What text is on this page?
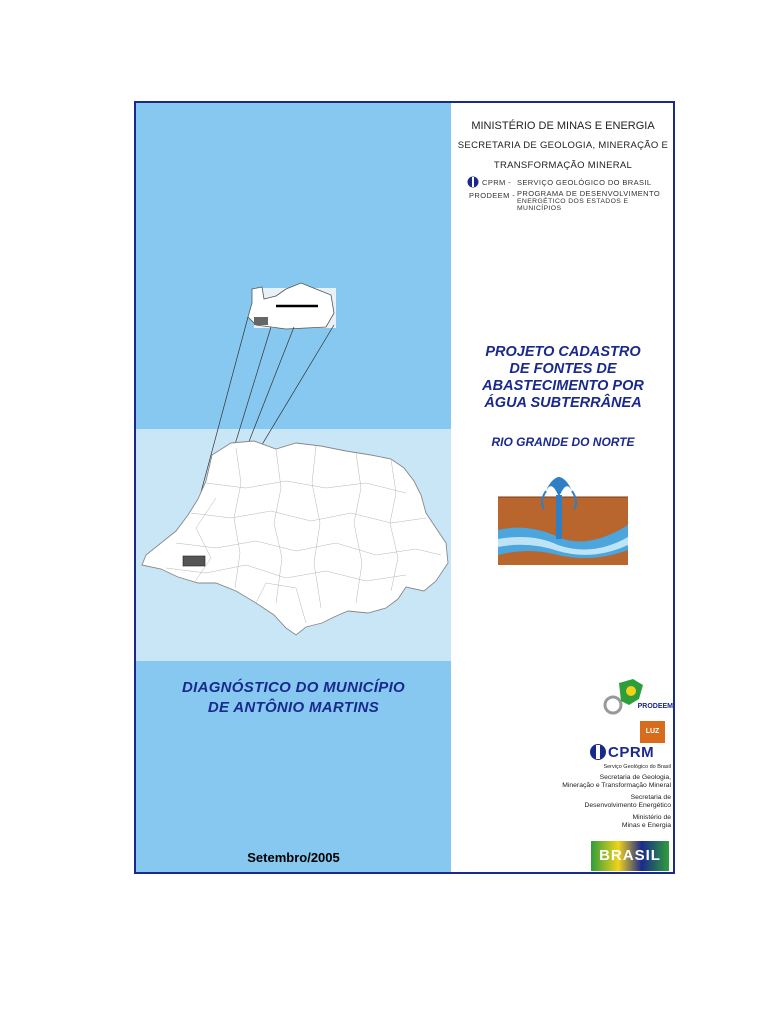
DIAGNÓSTICO DO MUNICÍPIO
DE ANTÔNIO MARTINS
Setembro/2005
MINISTÉRIO DE MINAS E ENERGIA
SECRETARIA DE GEOLOGIA, MINERAÇÃO E
TRANSFORMAÇÃO MINERAL
CPRM - SERVIÇO GEOLÓGICO DO BRASIL
PRODEEM - PROGRAMA DE DESENVOLVIMENTO
ENERGÉTICO DOS ESTADOS E MUNICÍPIOS
PROJETO CADASTRO
DE FONTES DE
ABASTECIMENTO POR
ÁGUA SUBTERRÂNEA
RIO GRANDE DO NORTE
PRODEEM
LUZ
CPRM
Serviço Geológico do Brasil
Secretaria de Geologia,
Mineração e Transformação Mineral
Secretaria de
Desenvolvimento Energético
Ministério de
Minas e Energia
BRASIL
